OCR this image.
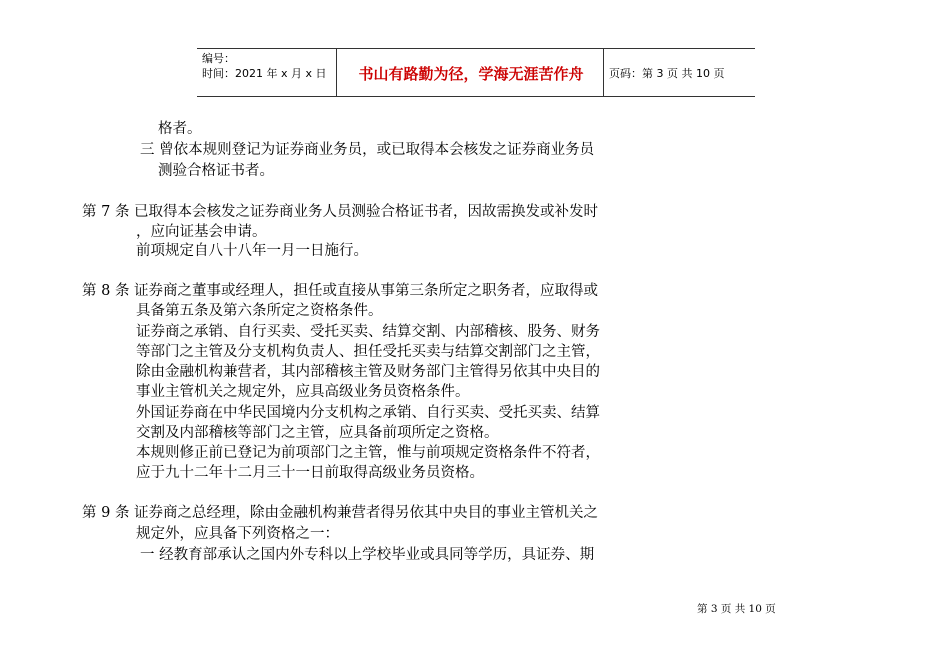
编号：
时间：2021 年 x 月 x 日	书山有路勤为径，学海无涯苦作舟	页码：第 3 页 共 10 页
格者。
三 曾依本规则登记为证券商业务员，或已取得本会核发之证券商业务员
测验合格证书者。
第 7 条 已取得本会核发之证券商业务人员测验合格证书者，因故需换发或补发时
，应向证基会申请。
前项规定自八十八年一月一日施行。
第 8 条 证券商之董事或经理人，担任或直接从事第三条所定之职务者，应取得或
具备第五条及第六条所定之资格条件。
证券商之承销、自行买卖、受托买卖、结算交割、内部稽核、股务、财务
等部门之主管及分支机构负责人、担任受托买卖与结算交割部门之主管，
除由金融机构兼营者，其内部稽核主管及财务部门主管得另依其中央目的
事业主管机关之规定外，应具高级业务员资格条件。
外国证券商在中华民国境内分支机构之承销、自行买卖、受托买卖、结算
交割及内部稽核等部门之主管，应具备前项所定之资格。
本规则修正前已登记为前项部门之主管，惟与前项规定资格条件不符者，
应于九十二年十二月三十一日前取得高级业务员资格。
第 9 条 证券商之总经理，除由金融机构兼营者得另依其中央目的事业主管机关之
规定外，应具备下列资格之一：
一 经教育部承认之国内外专科以上学校毕业或具同等学历，具证券、期
第 3 页 共 10 页
